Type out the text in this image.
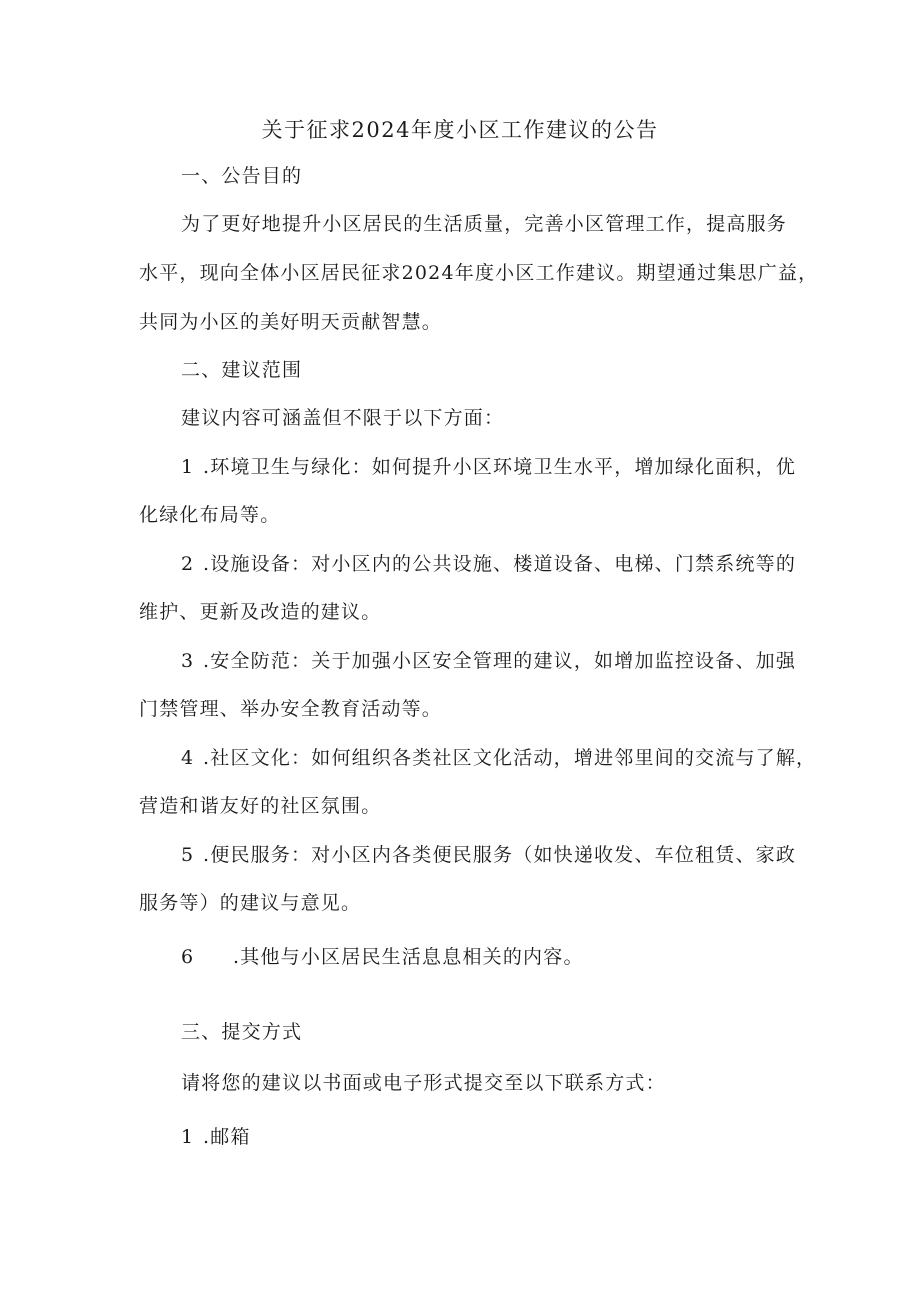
关于征求2024年度小区工作建议的公告
一、公告目的
为了更好地提升小区居民的生活质量，完善小区管理工作，提高服务
水平，现向全体小区居民征求2024年度小区工作建议。期望通过集思广益，
共同为小区的美好明天贡献智慧。
二、建议范围
建议内容可涵盖但不限于以下方面：
1 .环境卫生与绿化：如何提升小区环境卫生水平，增加绿化面积，优
化绿化布局等。
2 .设施设备：对小区内的公共设施、楼道设备、电梯、门禁系统等的
维护、更新及改造的建议。
3 .安全防范：关于加强小区安全管理的建议，如增加监控设备、加强
门禁管理、举办安全教育活动等。
4 .社区文化：如何组织各类社区文化活动，增进邻里间的交流与了解，
营造和谐友好的社区氛围。
5 .便民服务：对小区内各类便民服务（如快递收发、车位租赁、家政
服务等）的建议与意见。
6 .其他与小区居民生活息息相关的内容。
三、提交方式
请将您的建议以书面或电子形式提交至以下联系方式：
1 .邮箱
